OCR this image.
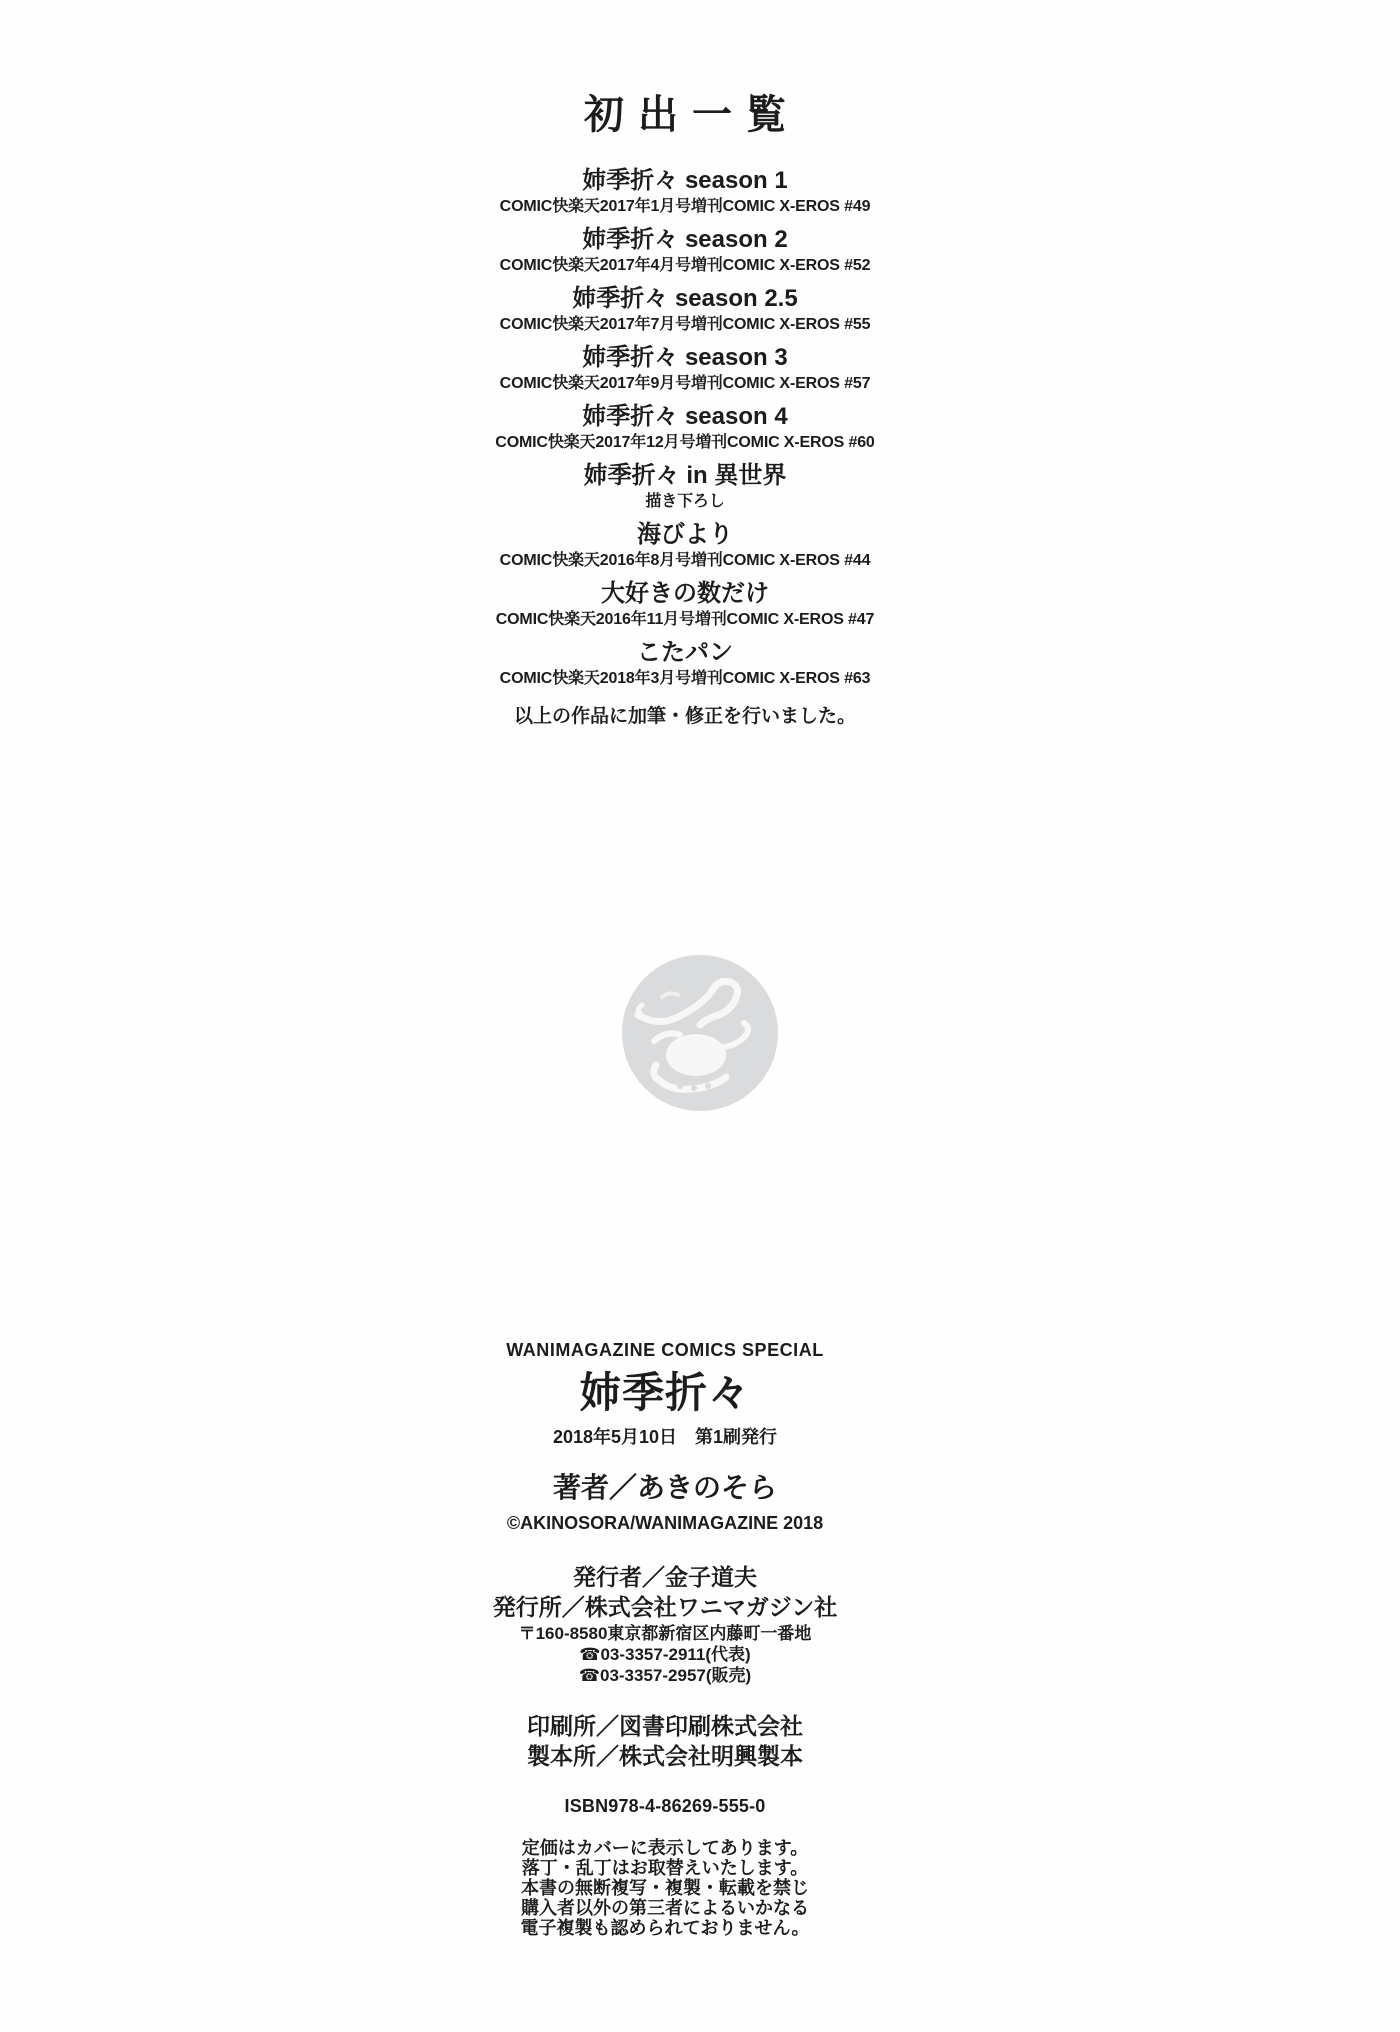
初出一覧
姉季折々 season 1
COMIC快楽天2017年1月号増刊COMIC X-EROS #49
姉季折々 season 2
COMIC快楽天2017年4月号増刊COMIC X-EROS #52
姉季折々 season 2.5
COMIC快楽天2017年7月号増刊COMIC X-EROS #55
姉季折々 season 3
COMIC快楽天2017年9月号増刊COMIC X-EROS #57
姉季折々 season 4
COMIC快楽天2017年12月号増刊COMIC X-EROS #60
姉季折々 in 異世界
描き下ろし
海びより
COMIC快楽天2016年8月号増刊COMIC X-EROS #44
大好きの数だけ
COMIC快楽天2016年11月号増刊COMIC X-EROS #47
こたパン
COMIC快楽天2018年3月号増刊COMIC X-EROS #63
以上の作品に加筆・修正を行いました。
WANIMAGAZINE COMICS SPECIAL
姉季折々
2018年5月10日　第1刷発行
著者／あきのそら
©AKINOSORA/WANIMAGAZINE 2018
発行者／金子道夫
発行所／株式会社ワニマガジン社
〒160-8580東京都新宿区内藤町一番地
☎03-3357-2911(代表)
☎03-3357-2957(販売)
印刷所／図書印刷株式会社
製本所／株式会社明興製本
ISBN978-4-86269-555-0
定価はカバーに表示してあります。
落丁・乱丁はお取替えいたします。
本書の無断複写・複製・転載を禁じ
購入者以外の第三者によるいかなる
電子複製も認められておりません。
